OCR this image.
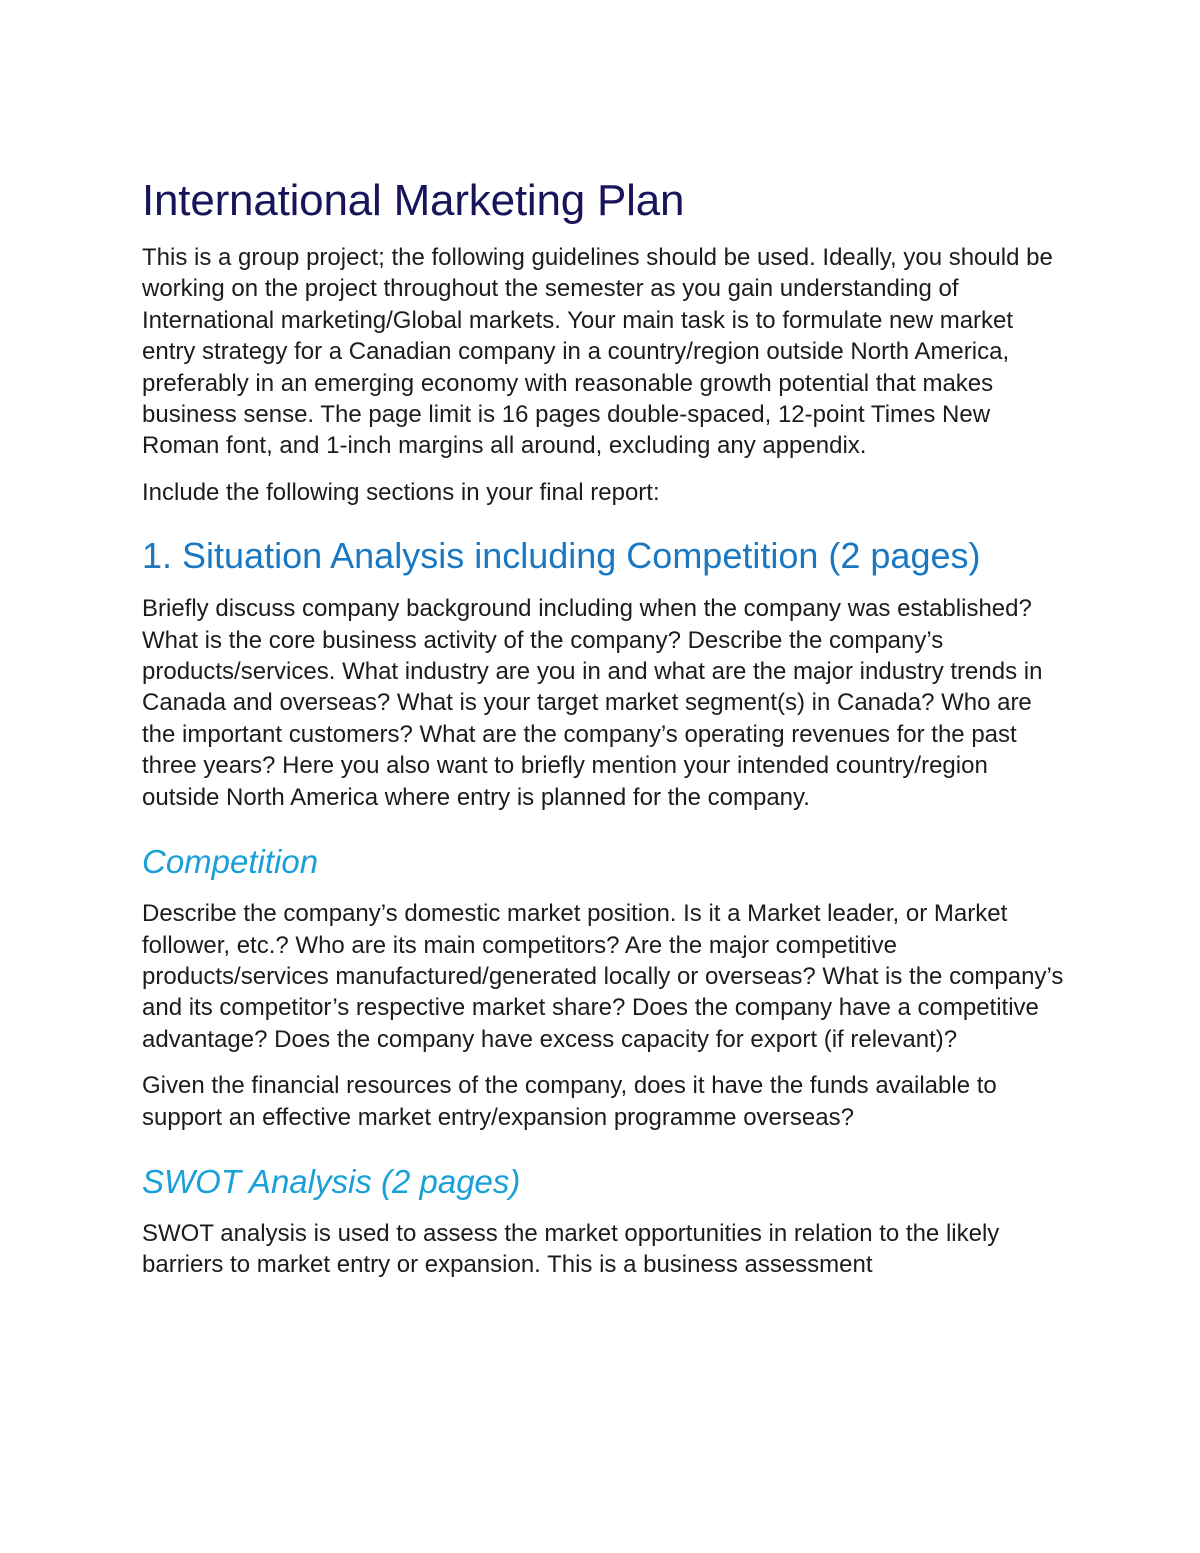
International Marketing Plan

This is a group project; the following guidelines should be used. Ideally, you should be working on the project throughout the semester as you gain understanding of International marketing/Global markets. Your main task is to formulate new market entry strategy for a Canadian company in a country/region outside North America, preferably in an emerging economy with reasonable growth potential that makes business sense. The page limit is 16 pages double-spaced, 12-point Times New Roman font, and 1-inch margins all around, excluding any appendix.

Include the following sections in your final report:

1. Situation Analysis including Competition (2 pages)

Briefly discuss company background including when the company was established? What is the core business activity of the company? Describe the company’s products/services. What industry are you in and what are the major industry trends in Canada and overseas? What is your target market segment(s) in Canada? Who are the important customers? What are the company’s operating revenues for the past three years? Here you also want to briefly mention your intended country/region outside North America where entry is planned for the company.

Competition

Describe the company’s domestic market position. Is it a Market leader, or Market follower, etc.? Who are its main competitors? Are the major competitive products/services manufactured/generated locally or overseas? What is the company’s and its competitor’s respective market share? Does the company have a competitive advantage? Does the company have excess capacity for export (if relevant)?

Given the financial resources of the company, does it have the funds available to support an effective market entry/expansion programme overseas?

SWOT Analysis (2 pages)

SWOT analysis is used to assess the market opportunities in relation to the likely barriers to market entry or expansion. This is a business assessment
